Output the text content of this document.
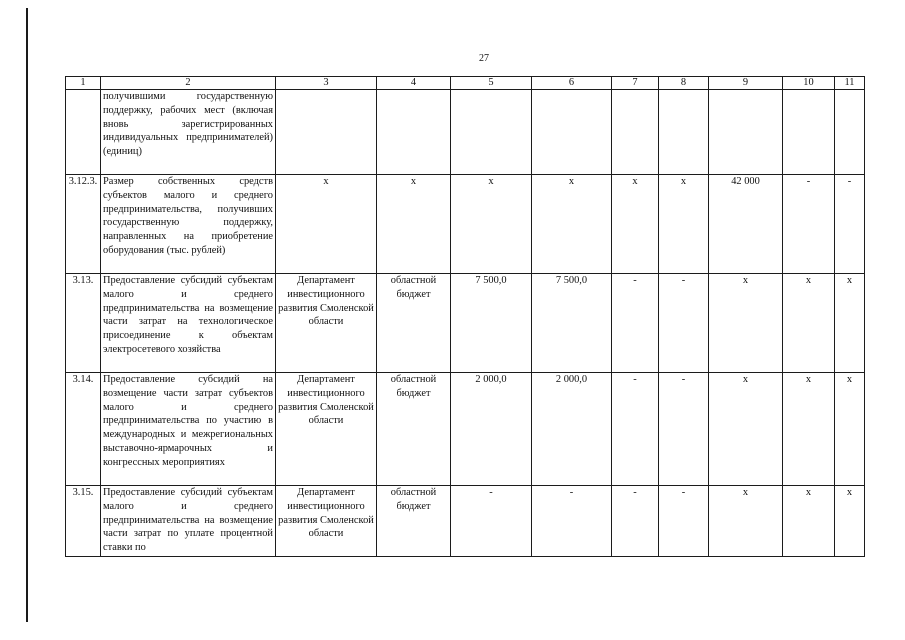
27
1	2	3	4	5	6	7	8	9	10	11
	получившими государственную поддержку, рабочих мест (включая вновь зарегистрированных индивидуальных предпринимателей) (единиц)									
3.12.3.	Размер собственных средств субъектов малого и среднего предпринимательства, получивших государственную поддержку, направленных на приобретение оборудования (тыс. рублей)	х	х	х	х	х	х	42 000	-	-
3.13.	Предоставление субсидий субъектам малого и среднего предпринимательства на возмещение части затрат на технологическое присоединение к объектам электросетевого хозяйства	Департамент инвестиционного развития Смоленской области	областной бюджет	7 500,0	7 500,0	-	-	х	х	х
3.14.	Предоставление субсидий на возмещение части затрат субъектов малого и среднего предпринимательства по участию в международных и межрегиональных выставочно-ярмарочных и конгрессных мероприятиях	Департамент инвестиционного развития Смоленской области	областной бюджет	2 000,0	2 000,0	-	-	х	х	х
3.15.	Предоставление субсидий субъектам малого и среднего предпринимательства на возмещение части затрат по уплате процентной ставки по	Департамент инвестиционного развития Смоленской области	областной бюджет	-	-	-	-	х	х	х
